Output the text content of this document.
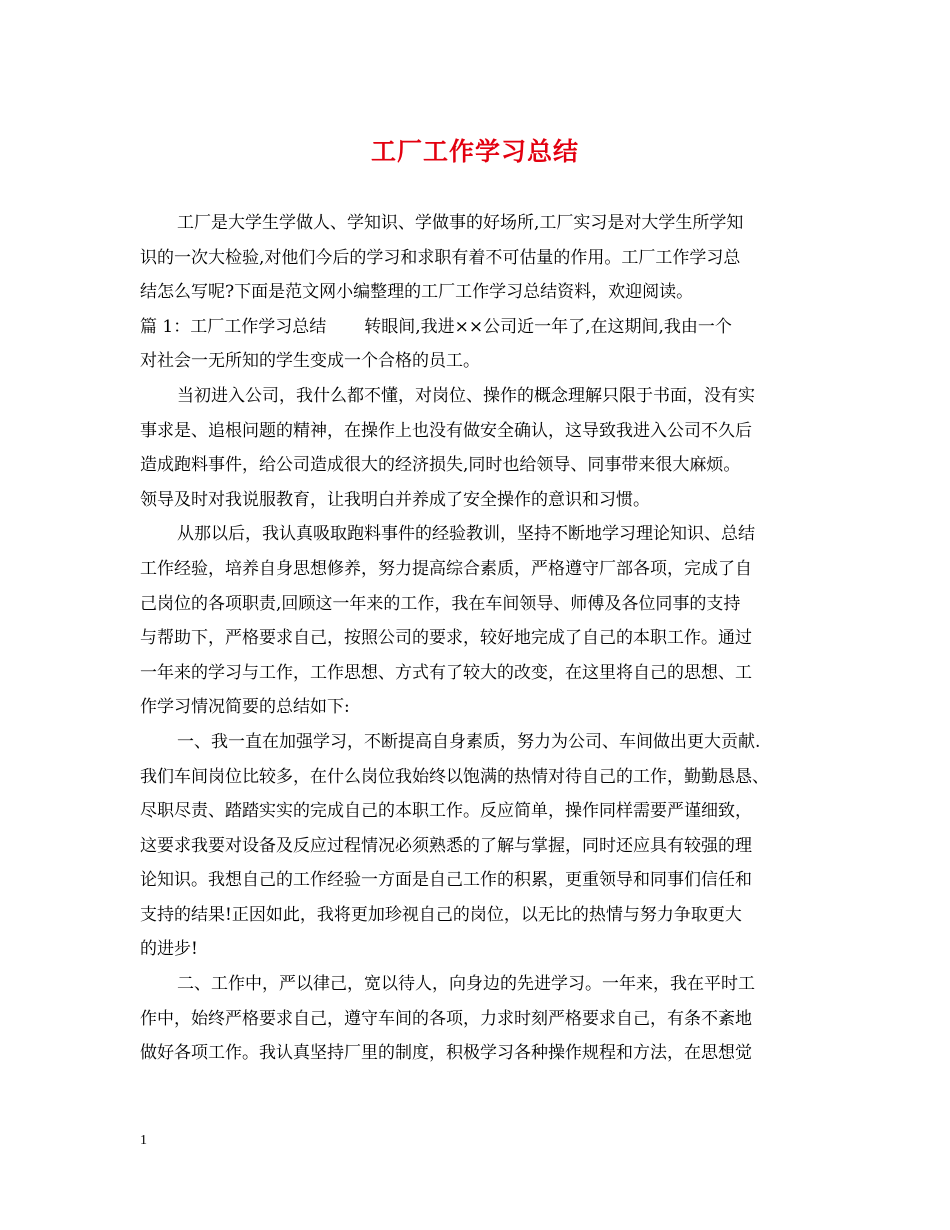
工厂工作学习总结
工厂是大学生学做人、学知识、学做事的好场所,工厂实习是对大学生所学知
识的一次大检验,对他们今后的学习和求职有着不可估量的作用。工厂工作学习总
结怎么写呢?下面是范文网小编整理的工厂工作学习总结资料，欢迎阅读。
篇 1：工厂工作学习总结 转眼间,我进××公司近一年了,在这期间,我由一个
对社会一无所知的学生变成一个合格的员工。
当初进入公司，我什么都不懂，对岗位、操作的概念理解只限于书面，没有实
事求是、追根问题的精神，在操作上也没有做安全确认，这导致我进入公司不久后
造成跑料事件，给公司造成很大的经济损失,同时也给领导、同事带来很大麻烦。
领导及时对我说服教育，让我明白并养成了安全操作的意识和习惯。
从那以后，我认真吸取跑料事件的经验教训，坚持不断地学习理论知识、总结
工作经验，培养自身思想修养，努力提高综合素质，严格遵守厂部各项，完成了自
己岗位的各项职责,回顾这一年来的工作，我在车间领导、师傅及各位同事的支持
与帮助下，严格要求自己，按照公司的要求，较好地完成了自己的本职工作。通过
一年来的学习与工作，工作思想、方式有了较大的改变，在这里将自己的思想、工
作学习情况简要的总结如下:
一、我一直在加强学习，不断提高自身素质，努力为公司、车间做出更大贡献.
我们车间岗位比较多，在什么岗位我始终以饱满的热情对待自己的工作，勤勤恳恳、
尽职尽责、踏踏实实的完成自己的本职工作。反应简单，操作同样需要严谨细致，
这要求我要对设备及反应过程情况必须熟悉的了解与掌握，同时还应具有较强的理
论知识。我想自己的工作经验一方面是自己工作的积累，更重领导和同事们信任和
支持的结果!正因如此，我将更加珍视自己的岗位，以无比的热情与努力争取更大
的进步!
二、工作中，严以律己，宽以待人，向身边的先进学习。一年来，我在平时工
作中，始终严格要求自己，遵守车间的各项，力求时刻严格要求自己，有条不紊地
做好各项工作。我认真坚持厂里的制度，积极学习各种操作规程和方法，在思想觉
1
